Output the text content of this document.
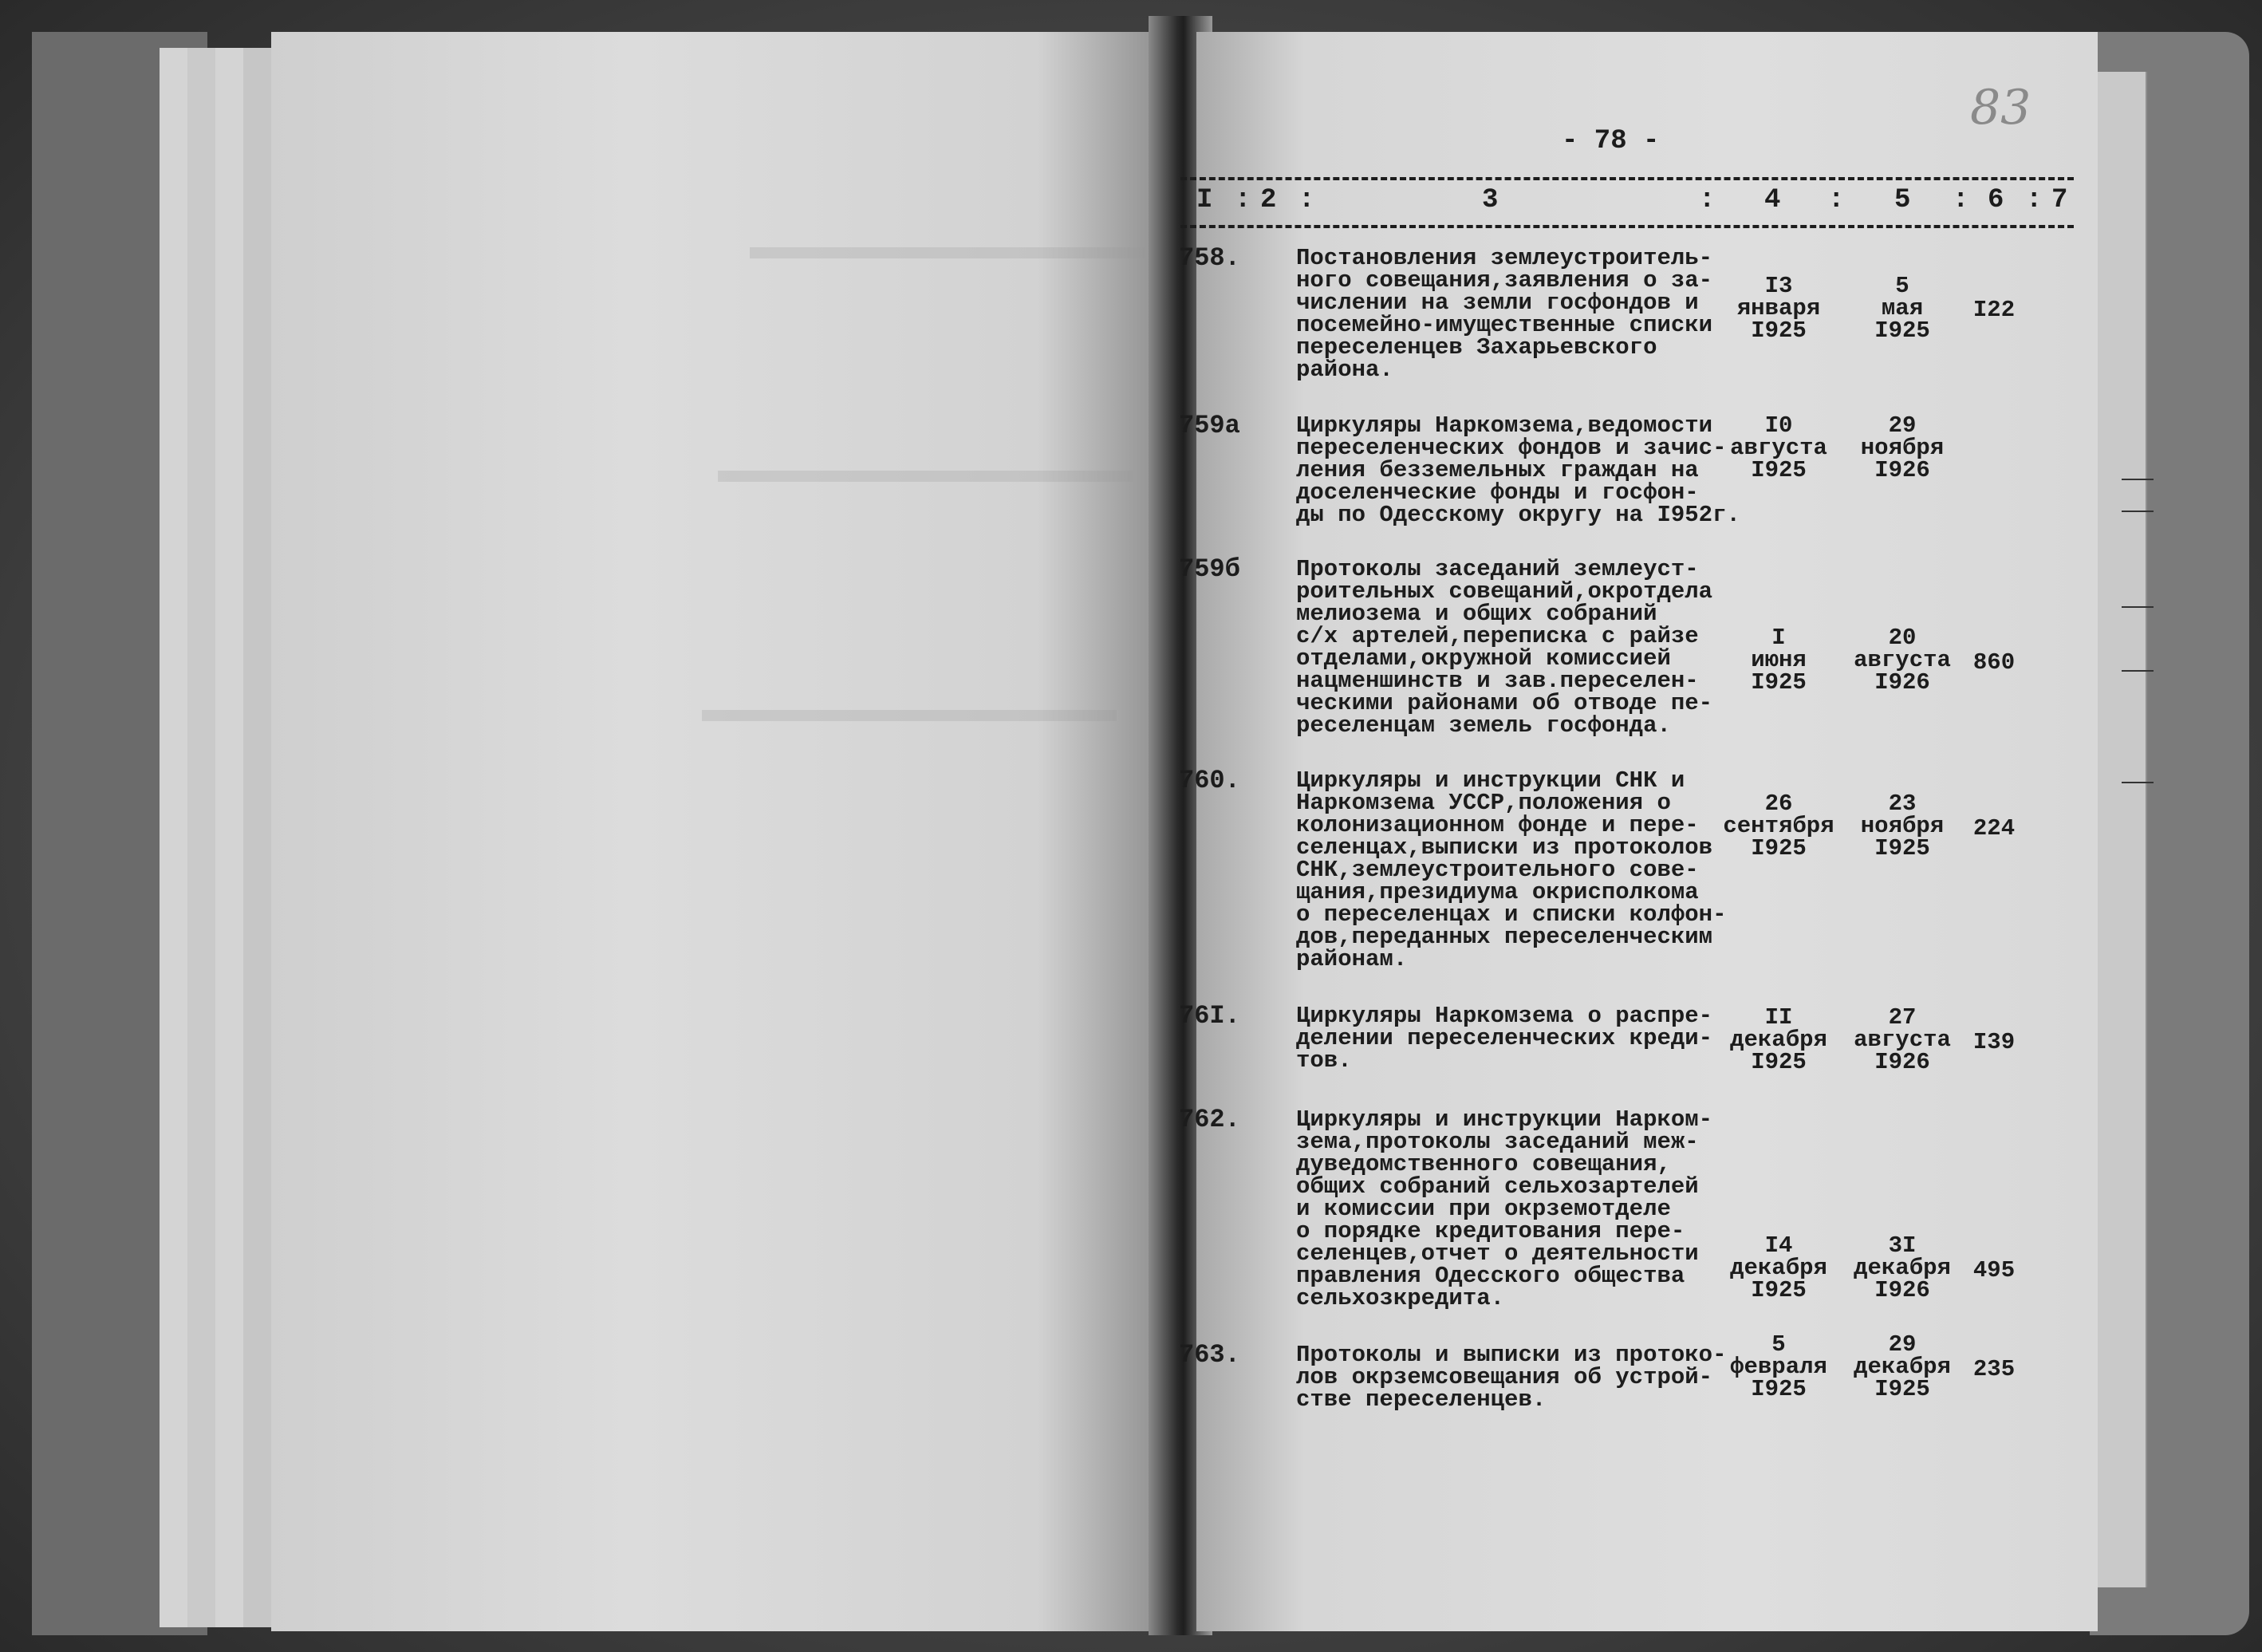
- 78 -
83
I : 2 :	3	: 4 : 5 : 6 : 7
758. Постановления землеустроитель-
ного совещания,заявления о за-
числении на земли госфондов и
посемейно-имущественные списки
переселенцев Захарьевского
района.
I3
января
I925
5
мая
I925
I22
759а Циркуляры Наркомзема,ведомости
переселенческих фондов и зачис-
ления безземельных граждан на
доселенческие фонды и госфон-
ды по Одесскому округу на I952г.
I0
августа
I925
29
ноября
I926
759б Протоколы заседаний землеуст-
роительных совещаний,окротдела
мелиозема и общих собраний
с/х артелей,переписка с райзе
отделами,окружной комиссией
нацменшинств и зав.переселен-
ческими районами об отводе пе-
реселенцам земель госфонда.
I
июня
I925
20
августа
I926
860
760. Циркуляры и инструкции СНК и
Наркомзема УССР,положения о
колонизационном фонде и пере-
селенцах,выписки из протоколов
СНК,землеустроительного сове-
щания,президиума окрисполкома
о переселенцах и списки колфон-
дов,переданных переселенческим
районам.
26
сентября
I925
23
ноября
I925
224
76I. Циркуляры Наркомзема о распре-
делении переселенческих креди-
тов.
II
декабря
I925
27
августа
I926
I39
762. Циркуляры и инструкции Нарком-
зема,протоколы заседаний меж-
дуведомственного совещания,
общих собраний сельхозартелей
и комиссии при окрземотделе
о порядке кредитования пере-
селенцев,отчет о деятельности
правления Одесского общества
сельхозкредита.
I4
декабря
I925
3I
декабря
I926
495
763. Протоколы и выписки из протоко-
лов окрземсовещания об устрой-
стве переселенцев.
5
февраля
I925
29
декабря
I925
235
